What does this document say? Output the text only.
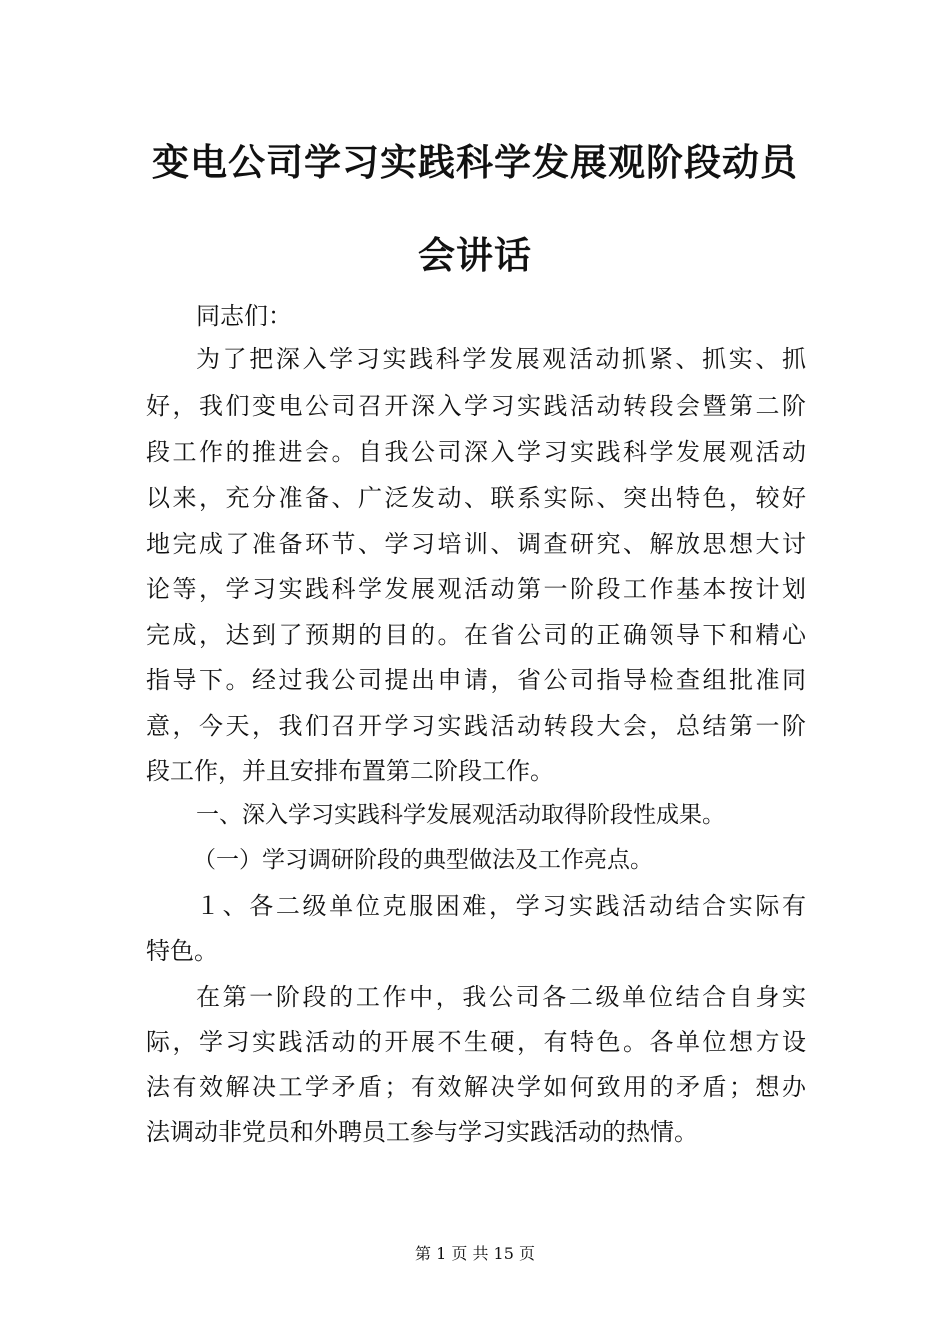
变电公司学习实践科学发展观阶段动员
会讲话
同志们：
为了把深入学习实践科学发展观活动抓紧、抓实、抓
好，我们变电公司召开深入学习实践活动转段会暨第二阶
段工作的推进会。自我公司深入学习实践科学发展观活动
以来，充分准备、广泛发动、联系实际、突出特色，较好
地完成了准备环节、学习培训、调查研究、解放思想大讨
论等，学习实践科学发展观活动第一阶段工作基本按计划
完成，达到了预期的目的。在省公司的正确领导下和精心
指导下。经过我公司提出申请，省公司指导检查组批准同
意，今天，我们召开学习实践活动转段大会，总结第一阶
段工作，并且安排布置第二阶段工作。
一、深入学习实践科学发展观活动取得阶段性成果。
（一）学习调研阶段的典型做法及工作亮点。
１、各二级单位克服困难，学习实践活动结合实际有
特色。
在第一阶段的工作中，我公司各二级单位结合自身实
际，学习实践活动的开展不生硬，有特色。各单位想方设
法有效解决工学矛盾；有效解决学如何致用的矛盾；想办
法调动非党员和外聘员工参与学习实践活动的热情。
第 1 页 共 15 页
